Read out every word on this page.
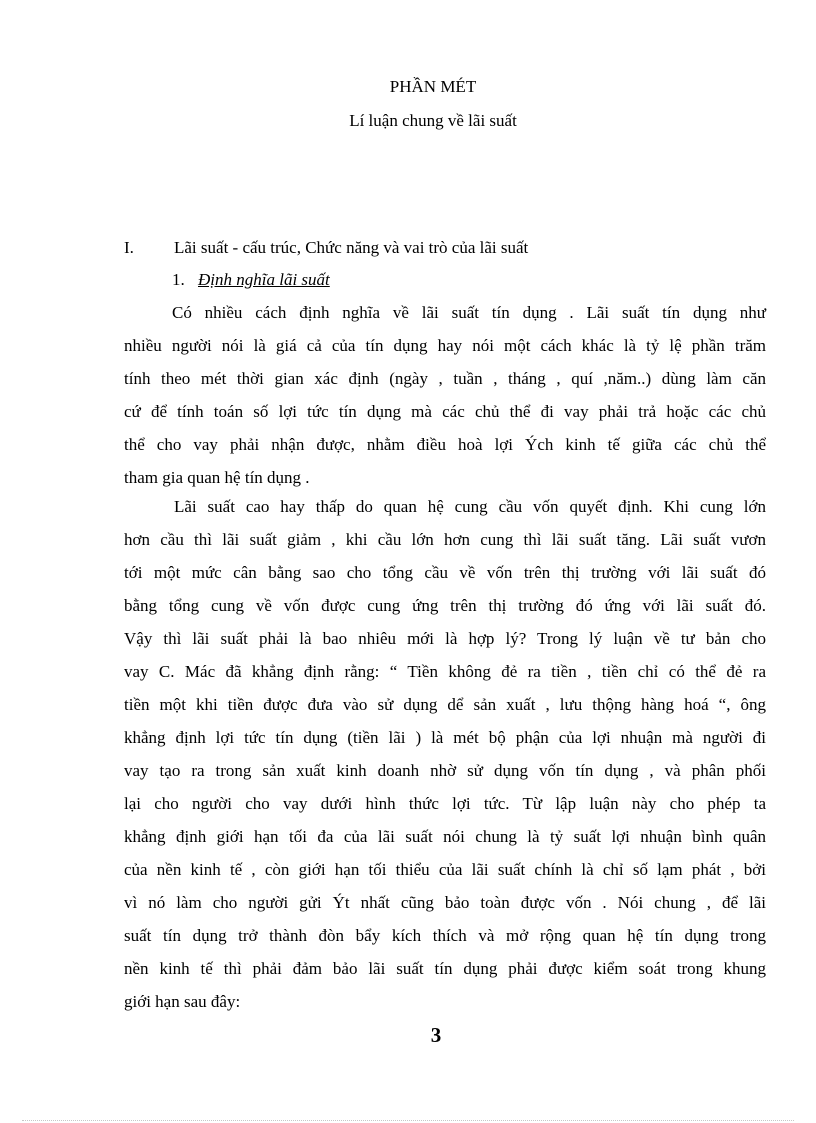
PHẦN MÉT
Lí luận chung về lãi suất
I. Lãi suất - cấu trúc, Chức năng và vai trò của lãi suất
1. Định nghĩa lãi suất
Có nhiều cách định nghĩa về lãi suất tín dụng . Lãi suất tín dụng như
nhiều người nói là giá cả của tín dụng hay nói một cách khác là tỷ lệ phần trăm
tính theo mét thời gian xác định (ngày , tuần , tháng , quí ,năm..) dùng làm căn
cứ để tính toán số lợi tức tín dụng mà các chủ thể đi vay phải trả hoặc các chủ
thể cho vay phải nhận được, nhằm điều hoà lợi Ých kinh tế giữa các chủ thể
tham gia quan hệ tín dụng .
Lãi suất cao hay thấp do quan hệ cung cầu vốn quyết định. Khi cung lớn
hơn cầu thì lãi suất giảm , khi cầu lớn hơn cung thì lãi suất tăng. Lãi suất vươn
tới một mức cân bằng sao cho tổng cầu về vốn trên thị trường với lãi suất đó
bằng tổng cung về vốn được cung ứng trên thị trường đó ứng với lãi suất đó.
Vậy thì lãi suất phải là bao nhiêu mới là hợp lý? Trong lý luận về tư bản cho
vay C. Mác đã khẳng định rằng: “ Tiền không đẻ ra tiền , tiền chỉ có thể đẻ ra
tiền một khi tiền được đưa vào sử dụng dể sản xuất , lưu thộng hàng hoá “, ông
khẳng định lợi tức tín dụng (tiền lãi ) là mét bộ phận của lợi nhuận mà người đi
vay tạo ra trong sản xuất kinh doanh nhờ sử dụng vốn tín dụng , và phân phối
lại cho người cho vay dưới hình thức lợi tức. Từ lập luận này cho phép ta
khẳng định giới hạn tối đa của lãi suất nói chung là tỷ suất lợi nhuận bình quân
của nền kinh tế , còn giới hạn tối thiểu của lãi suất chính là chỉ số lạm phát , bởi
vì nó làm cho người gửi Ýt nhất cũng bảo toàn được vốn . Nói chung , để lãi
suất tín dụng trở thành đòn bẩy kích thích và mở rộng quan hệ tín dụng trong
nền kinh tế thì phải đảm bảo lãi suất tín dụng phải được kiểm soát trong khung
giới hạn sau đây:
3
